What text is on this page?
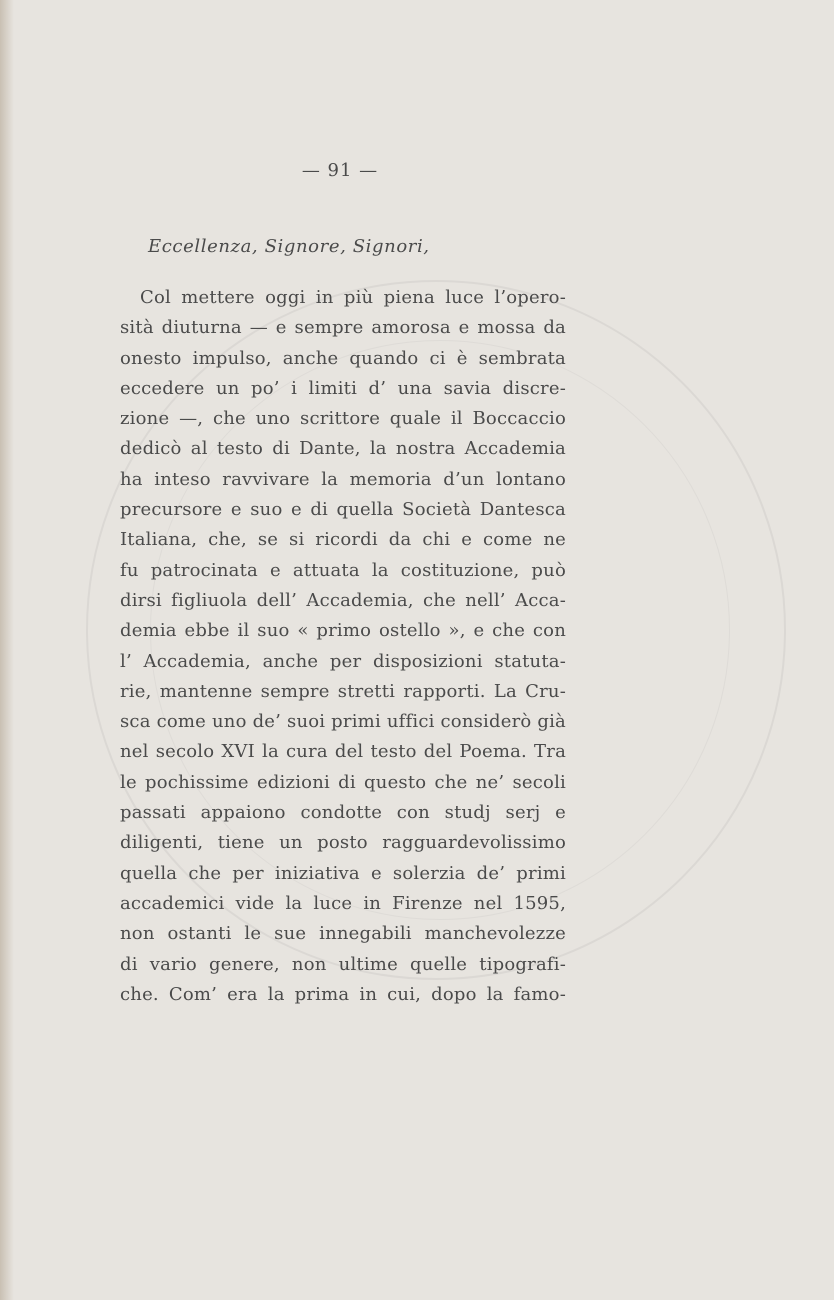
— 91 —
Eccellenza, Signore, Signori,
Col mettere oggi in più piena luce l’opero-
sità diuturna — e sempre amorosa e mossa da
onesto impulso, anche quando ci è sembrata
eccedere un po’ i limiti d’ una savia discre-
zione —, che uno scrittore quale il Boccaccio
dedicò al testo di Dante, la nostra Accademia
ha inteso ravvivare la memoria d’un lontano
precursore e suo e di quella Società Dantesca
Italiana, che, se si ricordi da chi e come ne
fu patrocinata e attuata la costituzione, può
dirsi figliuola dell’ Accademia, che nell’ Acca-
demia ebbe il suo « primo ostello », e che con
l’ Accademia, anche per disposizioni statuta-
rie, mantenne sempre stretti rapporti. La Cru-
sca come uno de’ suoi primi uffici considerò già
nel secolo XVI la cura del testo del Poema. Tra
le pochissime edizioni di questo che ne’ secoli
passati appaiono condotte con studj serj e
diligenti, tiene un posto ragguardevolissimo
quella che per iniziativa e solerzia de’ primi
accademici vide la luce in Firenze nel 1595,
non ostanti le sue innegabili manchevolezze
di vario genere, non ultime quelle tipografi-
che. Com’ era la prima in cui, dopo la famo-
